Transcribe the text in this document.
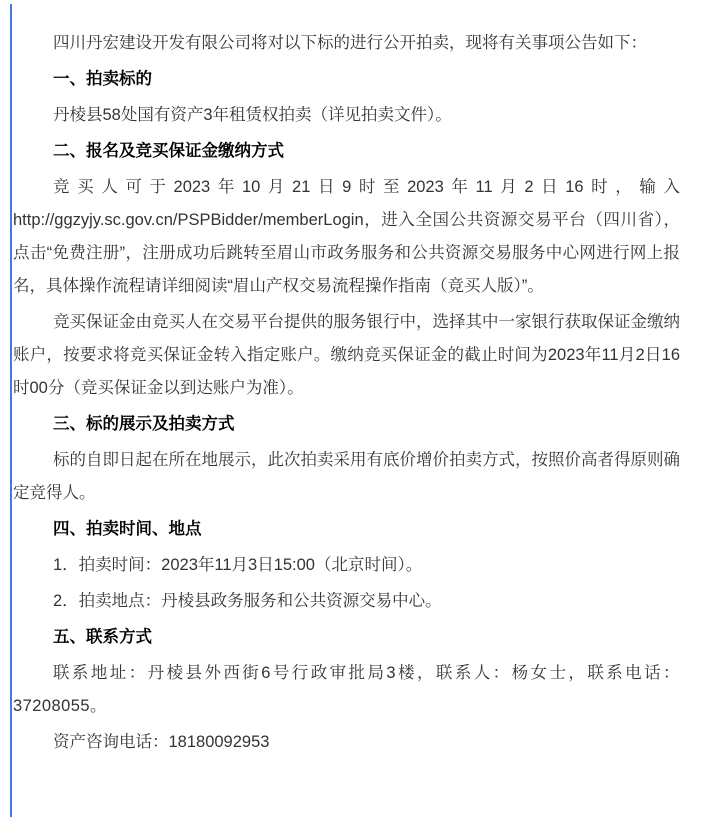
四川丹宏建设开发有限公司将对以下标的进行公开拍卖，现将有关事项公告如下：

一、拍卖标的

丹棱县58处国有资产3年租赁权拍卖（详见拍卖文件）。

二、报名及竞买保证金缴纳方式

竞买人可于2023年10月21日9时至2023年11月2日16时，输入http://ggzyjy.sc.gov.cn/PSPBidder/memberLogin，进入全国公共资源交易平台（四川省），点击“免费注册”，注册成功后跳转至眉山市政务服务和公共资源交易服务中心网进行网上报名，具体操作流程请详细阅读“眉山产权交易流程操作指南（竞买人版）”。

竞买保证金由竞买人在交易平台提供的服务银行中，选择其中一家银行获取保证金缴纳账户，按要求将竞买保证金转入指定账户。缴纳竞买保证金的截止时间为2023年11月2日16时00分（竞买保证金以到达账户为准）。

三、标的展示及拍卖方式

标的自即日起在所在地展示，此次拍卖采用有底价增价拍卖方式，按照价高者得原则确定竞得人。

四、拍卖时间、地点

1．拍卖时间：2023年11月3日15:00（北京时间）。

2．拍卖地点：丹棱县政务服务和公共资源交易中心。

五、联系方式

联系地址：丹棱县外西街6号行政审批局3楼，联系人：杨女士，联系电话：37208055。

资产咨询电话：18180092953
